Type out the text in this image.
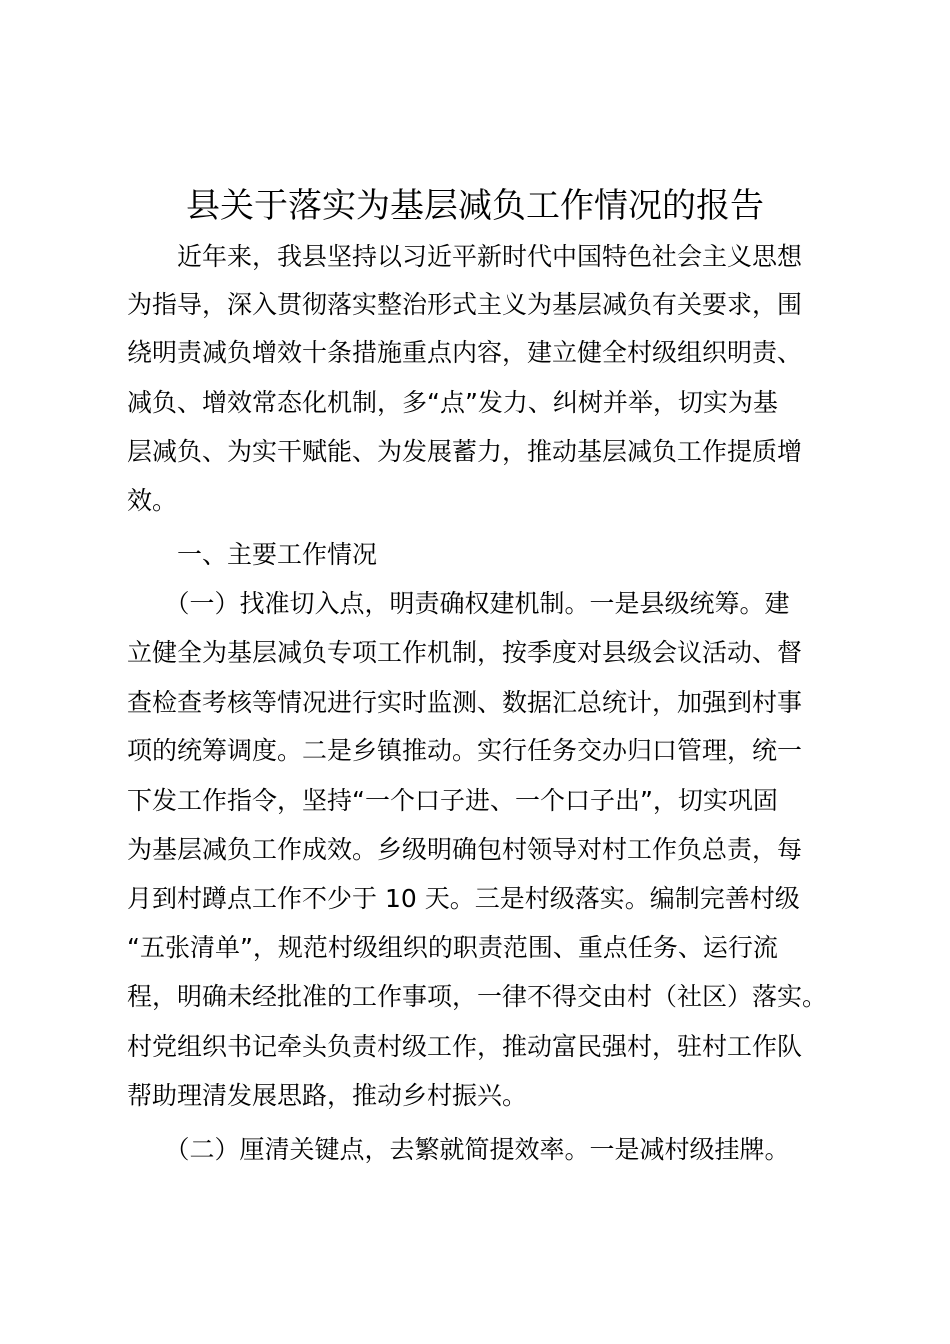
县关于落实为基层减负工作情况的报告

　　近年来，我县坚持以习近平新时代中国特色社会主义思想

为指导，深入贯彻落实整治形式主义为基层减负有关要求，围

绕明责减负增效十条措施重点内容，建立健全村级组织明责、

减负、增效常态化机制，多“点”发力、纠树并举，切实为基

层减负、为实干赋能、为发展蓄力，推动基层减负工作提质增

效。

　　一、主要工作情况

　　（一）找准切入点，明责确权建机制。一是县级统筹。建

立健全为基层减负专项工作机制，按季度对县级会议活动、督

查检查考核等情况进行实时监测、数据汇总统计，加强到村事

项的统筹调度。二是乡镇推动。实行任务交办归口管理，统一

下发工作指令，坚持“一个口子进、一个口子出”，切实巩固

为基层减负工作成效。乡级明确包村领导对村工作负总责，每

月到村蹲点工作不少于 10 天。三是村级落实。编制完善村级

“五张清单”，规范村级组织的职责范围、重点任务、运行流

程，明确未经批准的工作事项，一律不得交由村（社区）落实。

村党组织书记牵头负责村级工作，推动富民强村，驻村工作队

帮助理清发展思路，推动乡村振兴。

　　（二）厘清关键点，去繁就简提效率。一是减村级挂牌。
